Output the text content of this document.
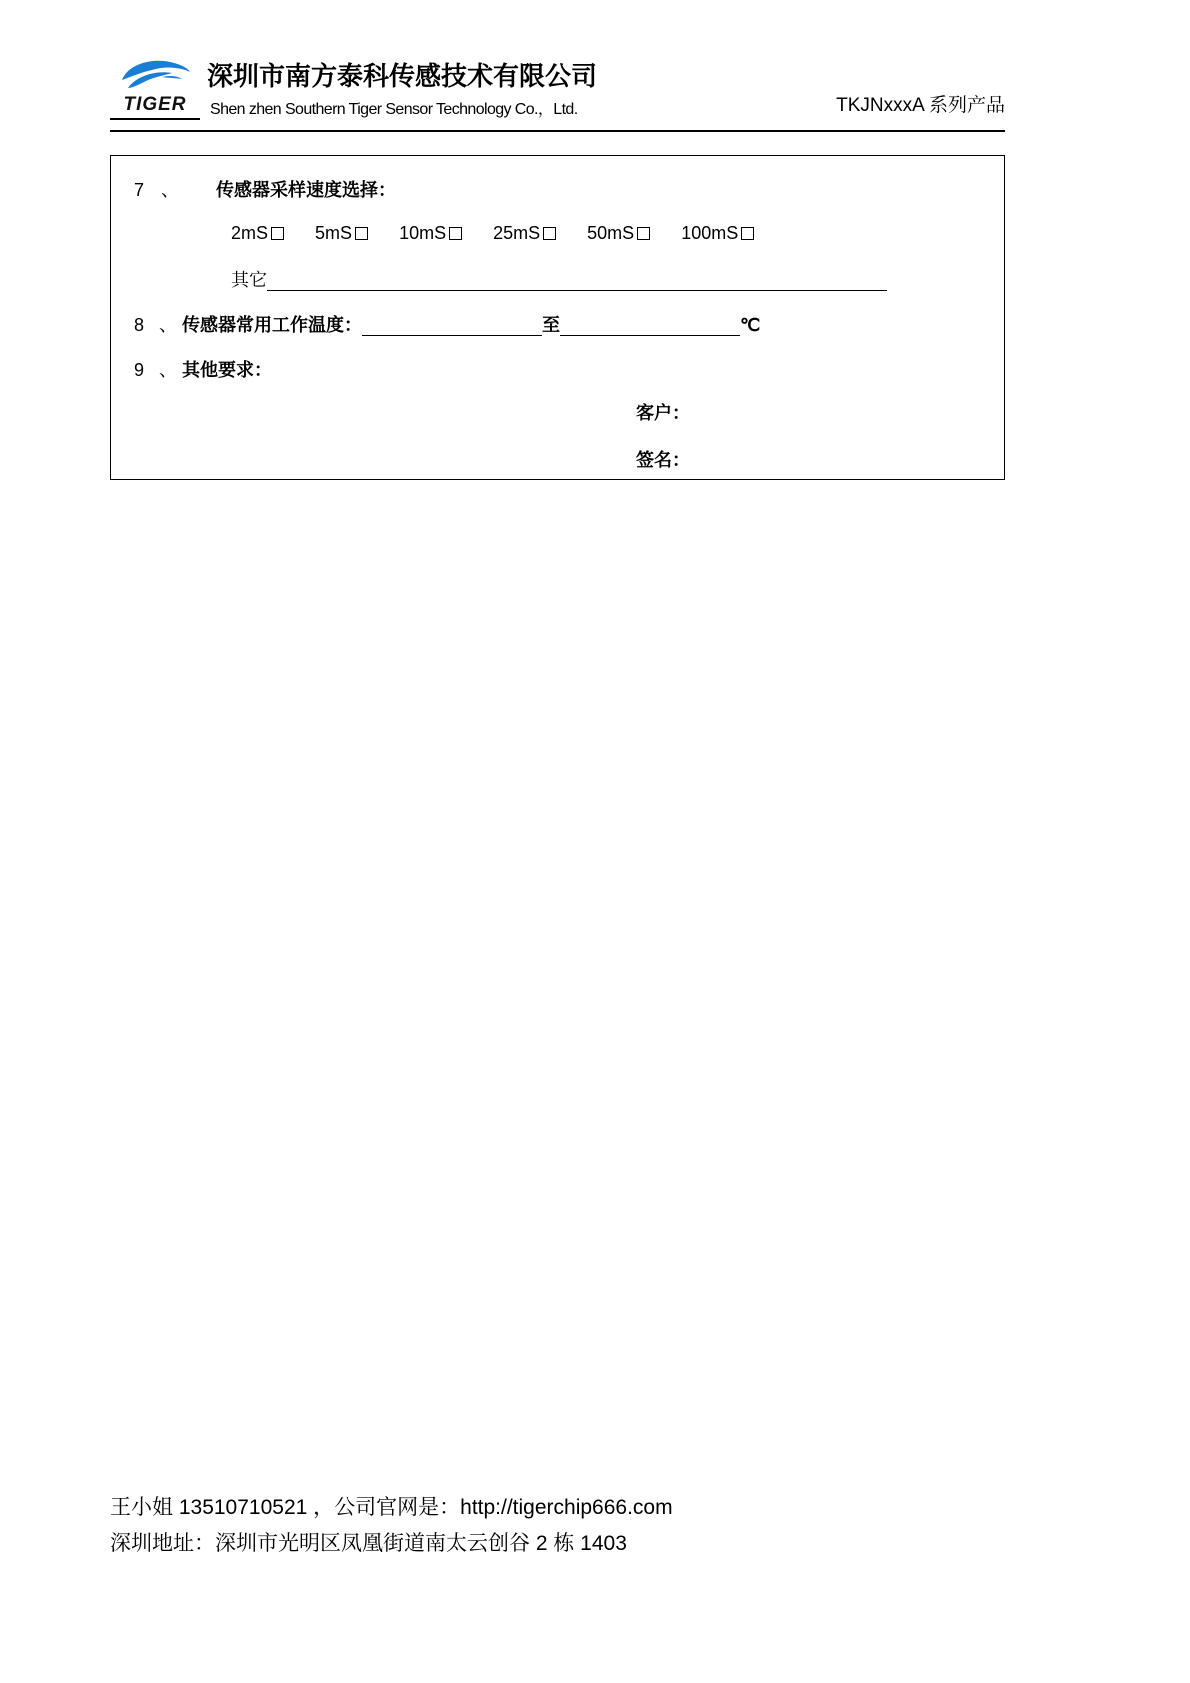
TIGER
深圳市南方泰科传感技术有限公司
Shen zhen Southern Tiger Sensor Technology Co.，Ltd.	TKJNxxxA 系列产品
7 、 传感器采样速度选择：
2mS	5mS	10mS	25mS	50mS	100mS
其它
8 、传感器常用工作温度：	至	℃
9 、其他要求：
客户：
签名：
王小姐 13510710521 ，公司官网是：http://tigerchip666.com
深圳地址：深圳市光明区凤凰街道南太云创谷 2 栋 1403
